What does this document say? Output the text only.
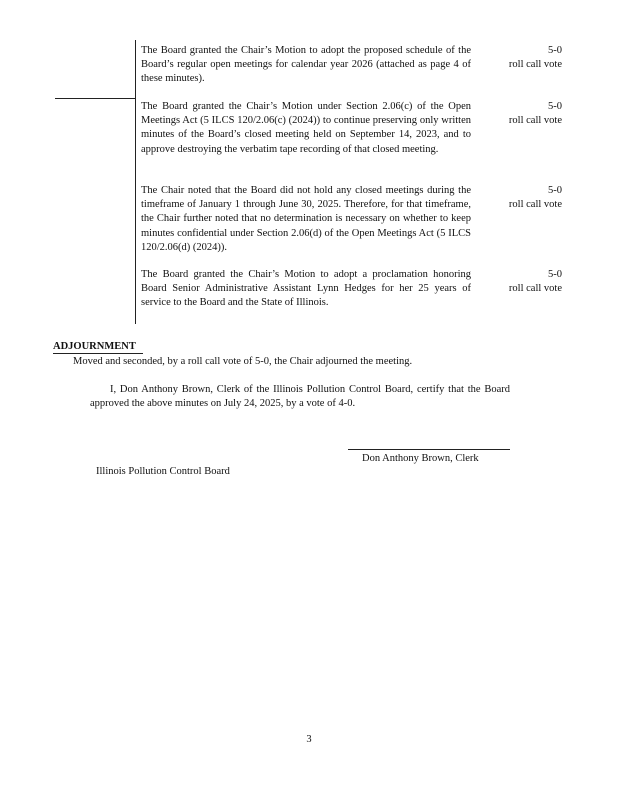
The Board granted the Chair’s Motion to adopt the proposed schedule of the Board’s regular open meetings for calendar year 2026 (attached as page 4 of these minutes).
5-0
roll call vote
The Board granted the Chair’s Motion under Section 2.06(c) of the Open Meetings Act (5 ILCS 120/2.06(c) (2024)) to continue preserving only written minutes of the Board’s closed meeting held on September 14, 2023, and to approve destroying the verbatim tape recording of that closed meeting.
5-0
roll call vote
The Chair noted that the Board did not hold any closed meetings during the timeframe of January 1 through June 30, 2025. Therefore, for that timeframe, the Chair further noted that no determination is necessary on whether to keep minutes confidential under Section 2.06(d) of the Open Meetings Act (5 ILCS 120/2.06(d) (2024)).
5-0
roll call vote
The Board granted the Chair’s Motion to adopt a proclamation honoring Board Senior Administrative Assistant Lynn Hedges for her 25 years of service to the Board and the State of Illinois.
5-0
roll call vote
ADJOURNMENT
Moved and seconded, by a roll call vote of 5-0, the Chair adjourned the meeting.
I, Don Anthony Brown, Clerk of the Illinois Pollution Control Board, certify that the Board approved the above minutes on July 24, 2025, by a vote of 4-0.
Don Anthony Brown, Clerk
Illinois Pollution Control Board
3
